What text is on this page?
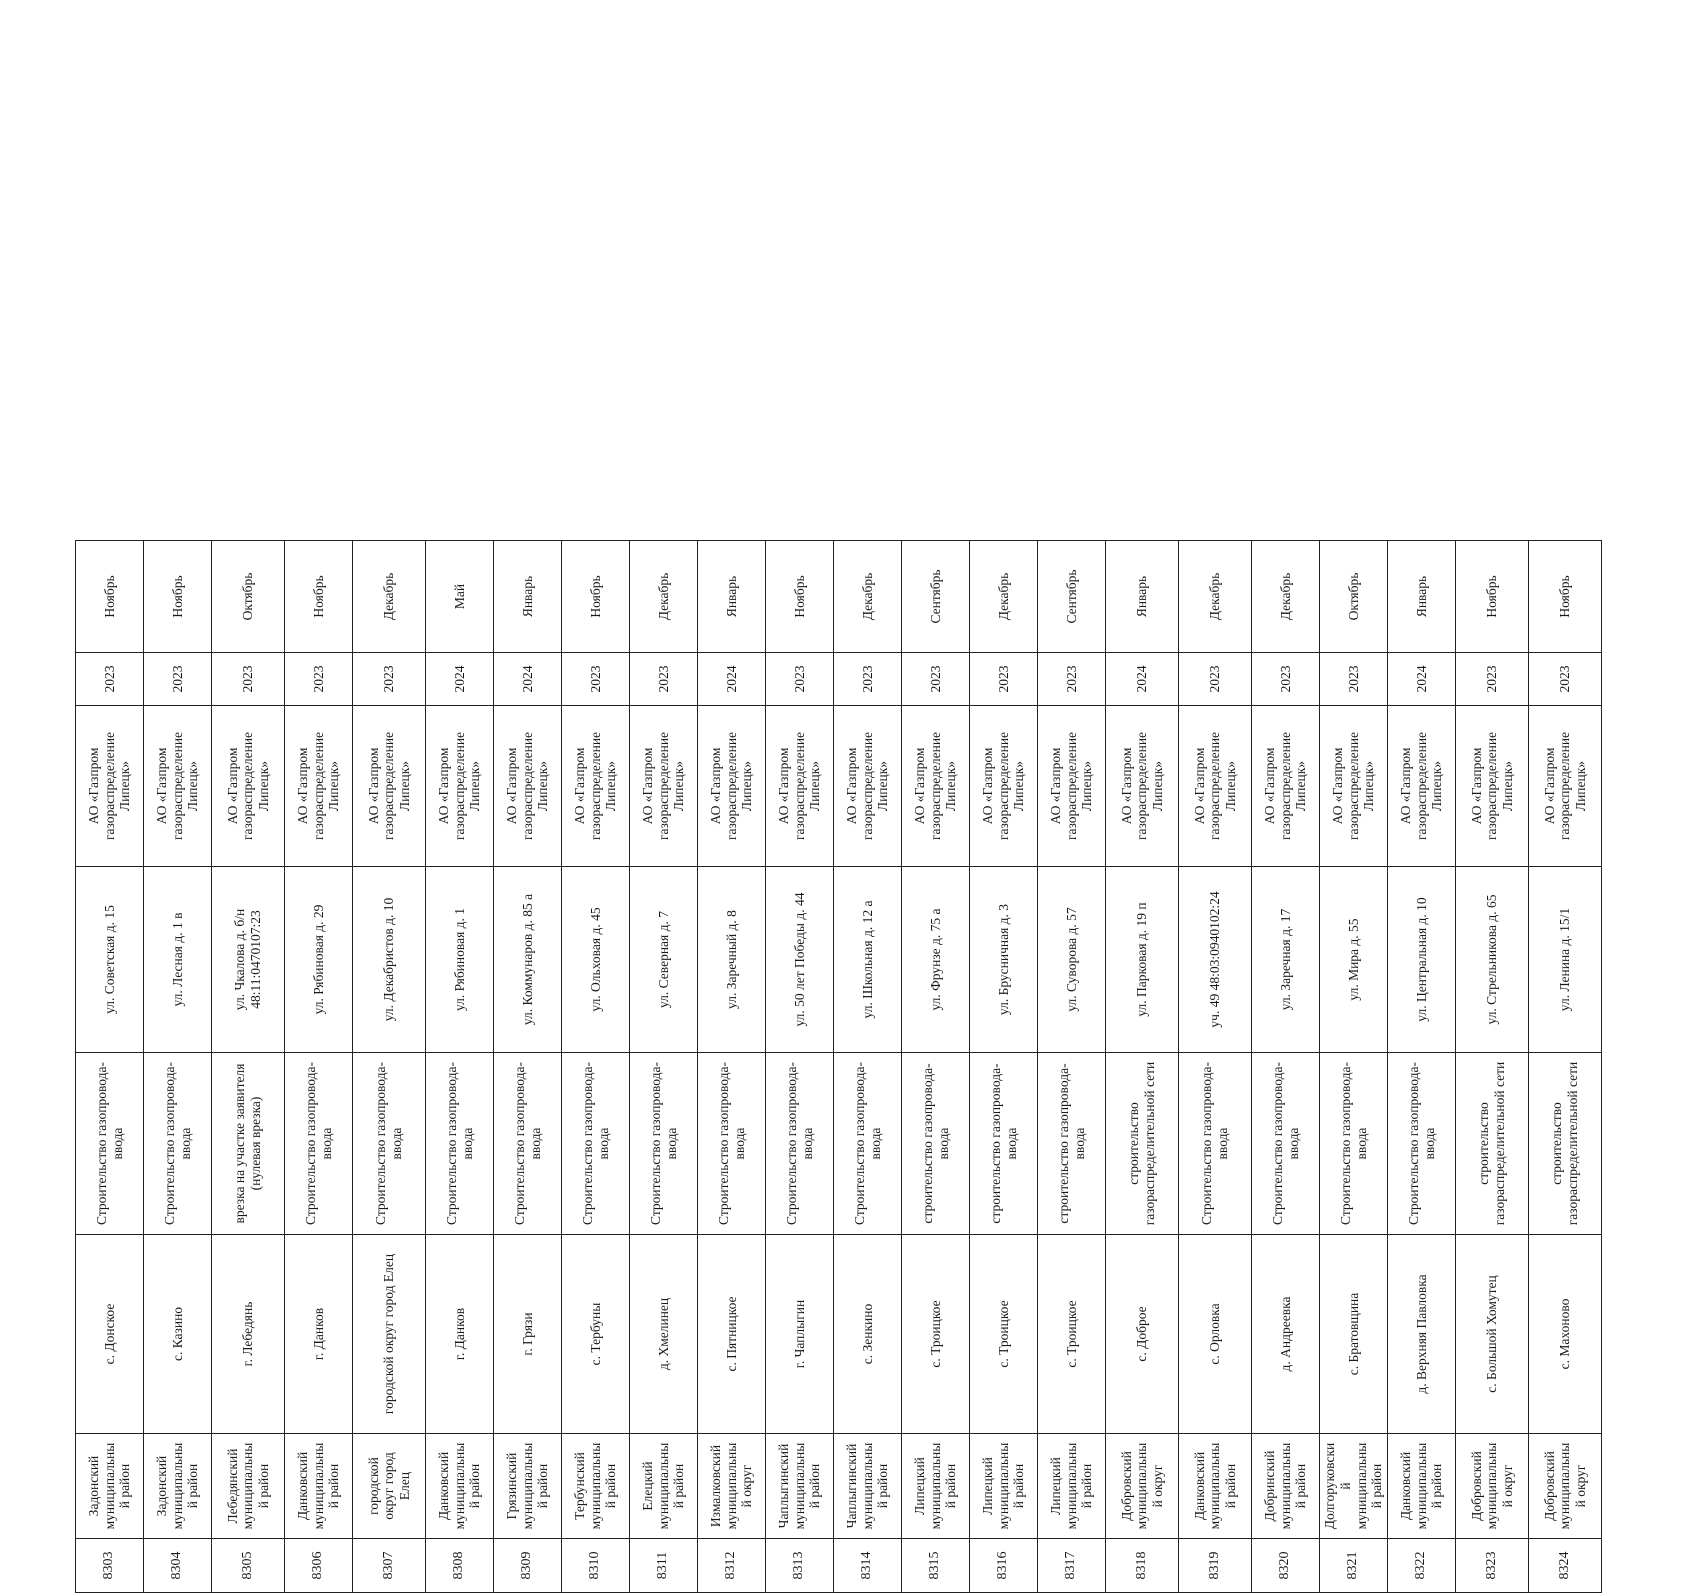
8303	Задонский муниципальный район	с. Донское	Строительство газопровода-ввода	ул. Советская д. 15	АО «Газпром газораспределение Липецк»	2023	Ноябрь
8304	Задонский муниципальный район	с. Казино	Строительство газопровода-ввода	ул. Лесная д. 1 в	АО «Газпром газораспределение Липецк»	2023	Ноябрь
8305	Лебедянский муниципальный район	г. Лебедянь	врезка на участке заявителя (нулевая врезка)	ул. Чкалова д. б/н 48:11:0470107:23	АО «Газпром газораспределение Липецк»	2023	Октябрь
8306	Данковский муниципальный район	г. Данков	Строительство газопровода-ввода	ул. Рябиновая д. 29	АО «Газпром газораспределение Липецк»	2023	Ноябрь
8307	городской округ город Елец	городской округ город Елец	Строительство газопровода-ввода	ул. Декабристов д. 10	АО «Газпром газораспределение Липецк»	2023	Декабрь
8308	Данковский муниципальный район	г. Данков	Строительство газопровода-ввода	ул. Рябиновая д. 1	АО «Газпром газораспределение Липецк»	2024	Май
8309	Грязинский муниципальный район	г. Грязи	Строительство газопровода-ввода	ул. Коммунаров д. 85 а	АО «Газпром газораспределение Липецк»	2024	Январь
8310	Тербунский муниципальный район	с. Тербуны	Строительство газопровода-ввода	ул. Ольховая д. 45	АО «Газпром газораспределение Липецк»	2023	Ноябрь
8311	Елецкий муниципальный район	д. Хмелинец	Строительство газопровода-ввода	ул. Северная д. 7	АО «Газпром газораспределение Липецк»	2023	Декабрь
8312	Измалковский муниципальный округ	с. Пятницкое	Строительство газопровода-ввода	ул. Заречный д. 8	АО «Газпром газораспределение Липецк»	2024	Январь
8313	Чаплыгинский муниципальный район	г. Чаплыгин	Строительство газопровода-ввода	ул. 50 лет Победы д. 44	АО «Газпром газораспределение Липецк»	2023	Ноябрь
8314	Чаплыгинский муниципальный район	с. Зенкино	Строительство газопровода-ввода	ул. Школьная д. 12 а	АО «Газпром газораспределение Липецк»	2023	Декабрь
8315	Липецкий муниципальный район	с. Троицкое	строительство газопровода-ввода	ул. Фрунзе д. 75 а	АО «Газпром газораспределение Липецк»	2023	Сентябрь
8316	Липецкий муниципальный район	с. Троицкое	строительство газопровода-ввода	ул. Брусничная д. 3	АО «Газпром газораспределение Липецк»	2023	Декабрь
8317	Липецкий муниципальный район	с. Троицкое	строительство газопровода-ввода	ул. Суворова д. 57	АО «Газпром газораспределение Липецк»	2023	Сентябрь
8318	Добровский муниципальный округ	с. Доброе	строительство газораспределительной сети	ул. Парковая д. 19 п	АО «Газпром газораспределение Липецк»	2024	Январь
8319	Данковский муниципальный район	с. Орловка	Строительство газопровода-ввода	уч. 49 48:03:0940102:24	АО «Газпром газораспределение Липецк»	2023	Декабрь
8320	Добринский муниципальный район	д. Андреевка	Строительство газопровода-ввода	ул. Заречная д. 17	АО «Газпром газораспределение Липецк»	2023	Декабрь
8321	Долгоруковский муниципальный район	с. Братовщина	Строительство газопровода-ввода	ул. Мира д. 55	АО «Газпром газораспределение Липецк»	2023	Октябрь
8322	Данковский муниципальный район	д. Верхняя Павловка	Строительство газопровода-ввода	ул. Центральная д. 10	АО «Газпром газораспределение Липецк»	2024	Январь
8323	Добровский муниципальный округ	с. Большой Хомутец	строительство газораспределительной сети	ул. Стрельникова д. 65	АО «Газпром газораспределение Липецк»	2023	Ноябрь
8324	Добровский муниципальный округ	с. Махоново	строительство газораспределительной сети	ул. Ленина д. 15/1	АО «Газпром газораспределение Липецк»	2023	Ноябрь
